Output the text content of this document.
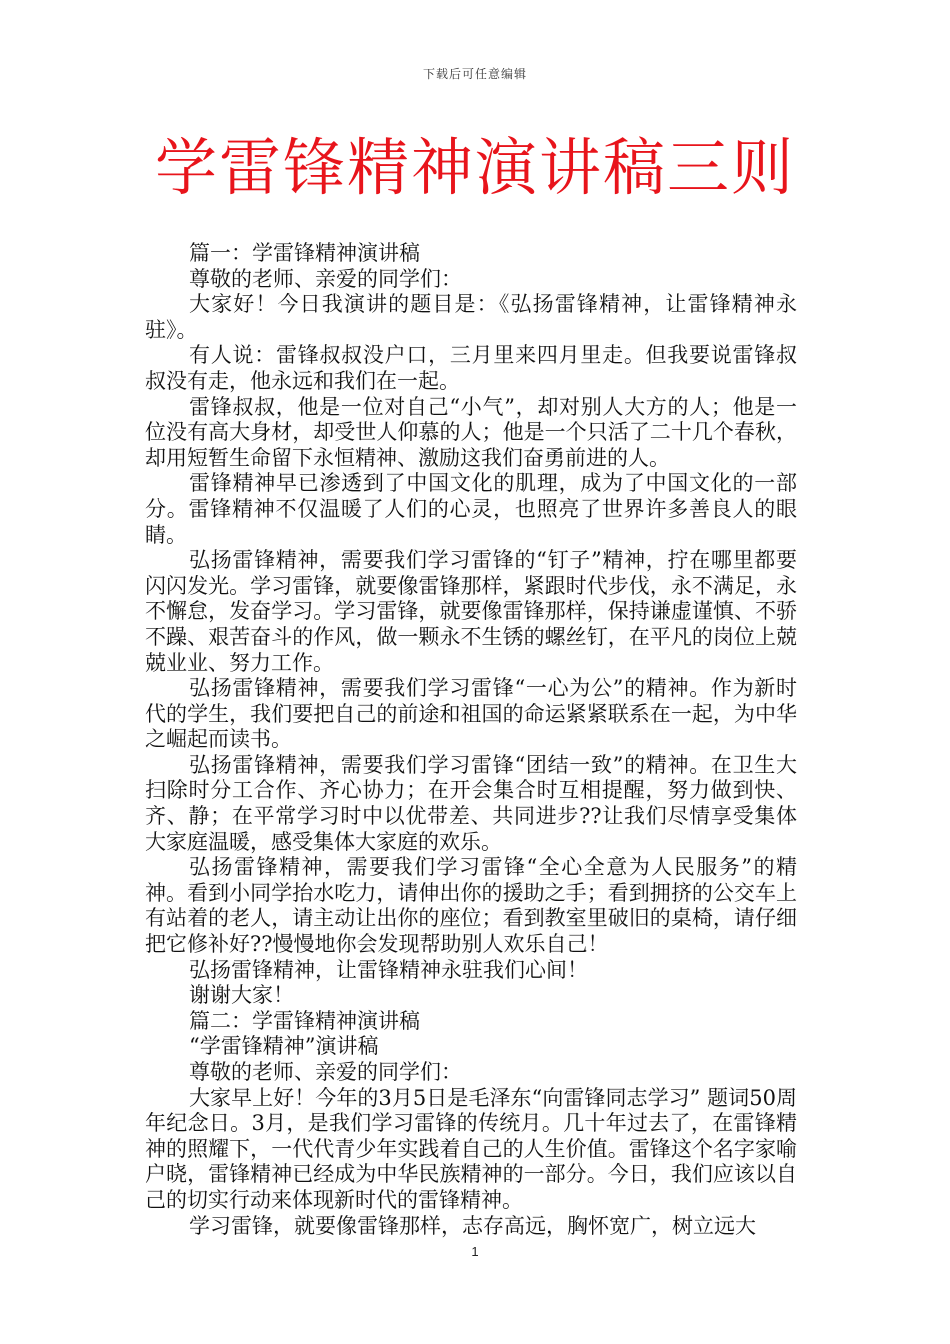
下载后可任意编辑
学雷锋精神演讲稿三则

篇一：学雷锋精神演讲稿

尊敬的老师、亲爱的同学们：

大家好！今日我演讲的题目是：《弘扬雷锋精神，让雷锋精神永驻》。

有人说：雷锋叔叔没户口，三月里来四月里走。但我要说雷锋叔叔没有走，他永远和我们在一起。

雷锋叔叔，他是一位对自己“小气”，却对别人大方的人；他是一位没有高大身材，却受世人仰慕的人；他是一个只活了二十几个春秋，却用短暂生命留下永恒精神、激励这我们奋勇前进的人。

雷锋精神早已渗透到了中国文化的肌理，成为了中国文化的一部分。雷锋精神不仅温暖了人们的心灵，也照亮了世界许多善良人的眼睛。

弘扬雷锋精神，需要我们学习雷锋的“钉子”精神，拧在哪里都要闪闪发光。学习雷锋，就要像雷锋那样，紧跟时代步伐，永不满足，永不懈怠，发奋学习。学习雷锋，就要像雷锋那样，保持谦虚谨慎、不骄不躁、艰苦奋斗的作风，做一颗永不生锈的螺丝钉，在平凡的岗位上兢兢业业、努力工作。

弘扬雷锋精神，需要我们学习雷锋“一心为公”的精神。作为新时代的学生，我们要把自己的前途和祖国的命运紧紧联系在一起，为中华之崛起而读书。

弘扬雷锋精神，需要我们学习雷锋“团结一致”的精神。在卫生大扫除时分工合作、齐心协力；在开会集合时互相提醒，努力做到快、齐、静；在平常学习时中以优带差、共同进步??让我们尽情享受集体大家庭温暖，感受集体大家庭的欢乐。

弘扬雷锋精神，需要我们学习雷锋“全心全意为人民服务”的精神。看到小同学抬水吃力，请伸出你的援助之手；看到拥挤的公交车上有站着的老人，请主动让出你的座位；看到教室里破旧的桌椅，请仔细把它修补好??慢慢地你会发现帮助别人欢乐自己！

弘扬雷锋精神，让雷锋精神永驻我们心间！

谢谢大家！

篇二：学雷锋精神演讲稿

“学雷锋精神”演讲稿

尊敬的老师、亲爱的同学们：

大家早上好！今年的3月5日是毛泽东“向雷锋同志学习” 题词50周年纪念日。3月，是我们学习雷锋的传统月。几十年过去了，在雷锋精神的照耀下，一代代青少年实践着自己的人生价值。雷锋这个名字家喻户晓，雷锋精神已经成为中华民族精神的一部分。今日，我们应该以自己的切实行动来体现新时代的雷锋精神。

学习雷锋，就要像雷锋那样，志存高远，胸怀宽广，树立远大

1
